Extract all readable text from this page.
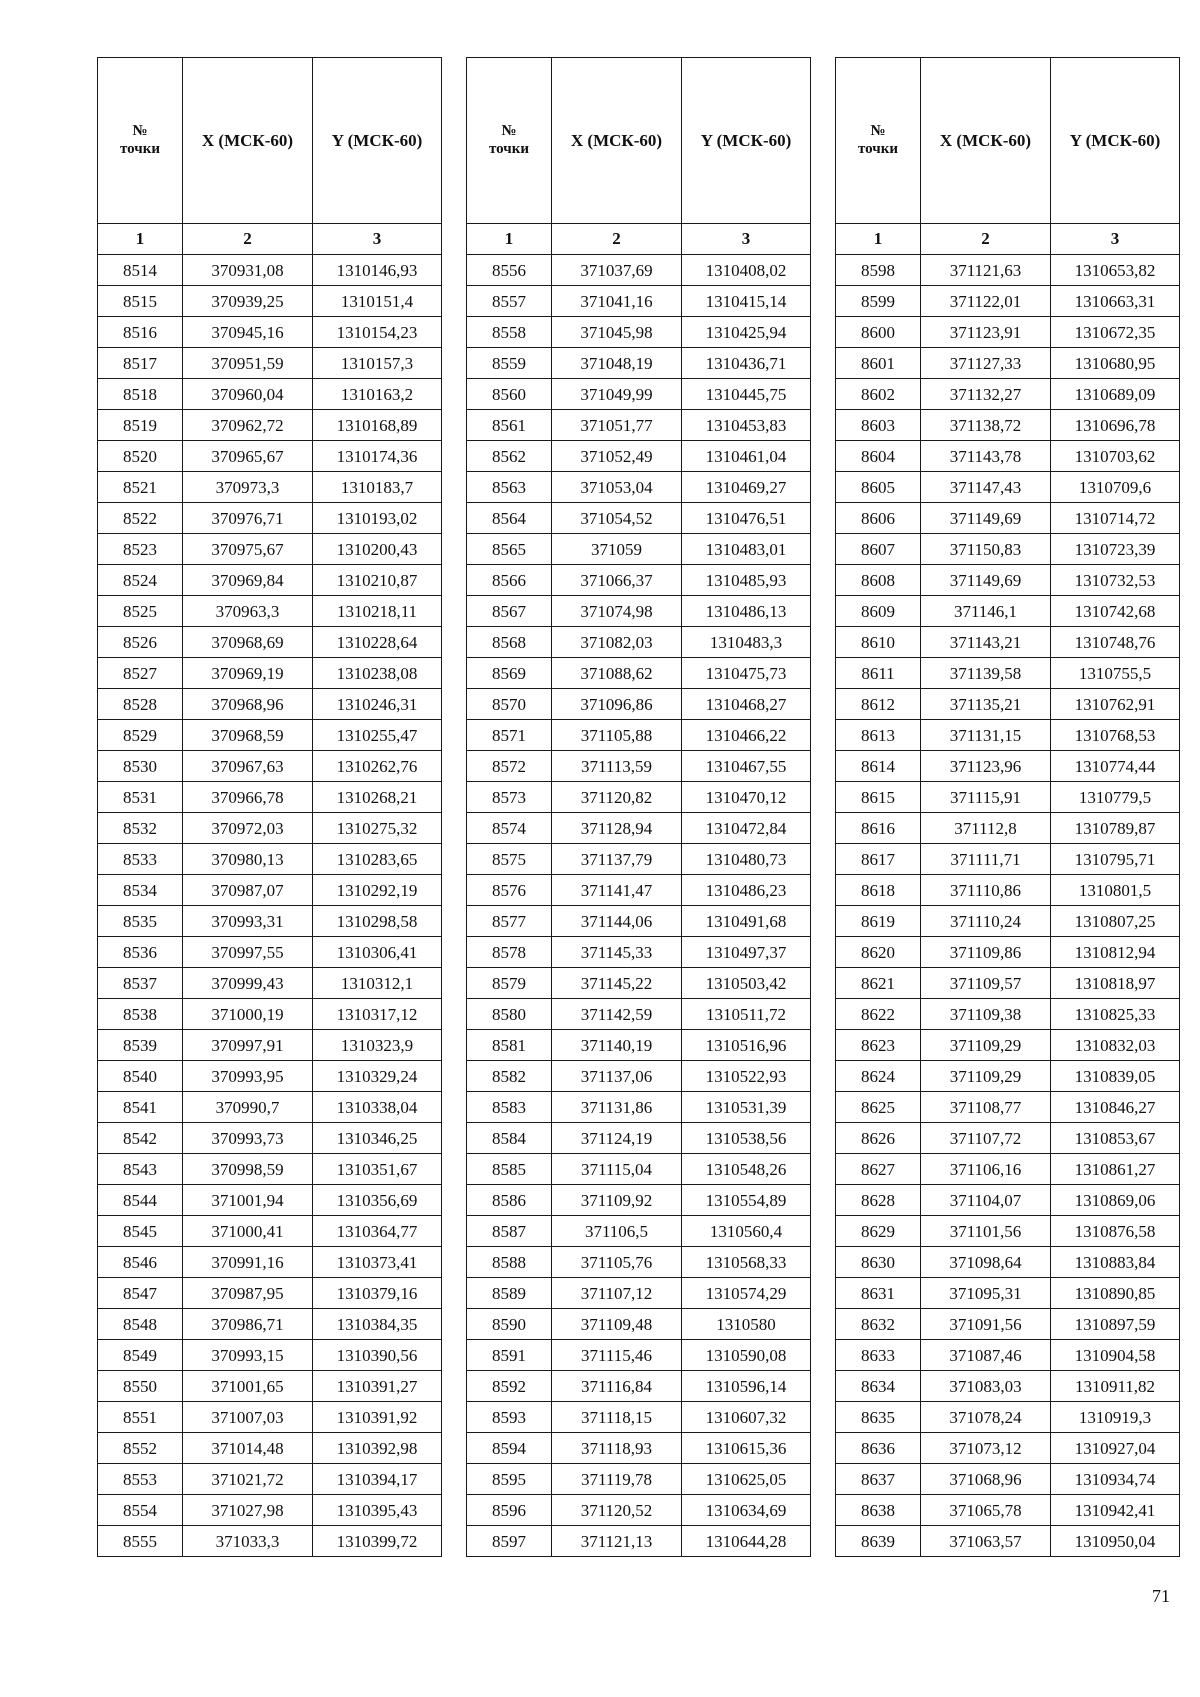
№
точки	X (МСК-60)	Y (МСК-60)
1	2	3
8514	370931,08	1310146,93
8515	370939,25	1310151,4
8516	370945,16	1310154,23
8517	370951,59	1310157,3
8518	370960,04	1310163,2
8519	370962,72	1310168,89
8520	370965,67	1310174,36
8521	370973,3	1310183,7
8522	370976,71	1310193,02
8523	370975,67	1310200,43
8524	370969,84	1310210,87
8525	370963,3	1310218,11
8526	370968,69	1310228,64
8527	370969,19	1310238,08
8528	370968,96	1310246,31
8529	370968,59	1310255,47
8530	370967,63	1310262,76
8531	370966,78	1310268,21
8532	370972,03	1310275,32
8533	370980,13	1310283,65
8534	370987,07	1310292,19
8535	370993,31	1310298,58
8536	370997,55	1310306,41
8537	370999,43	1310312,1
8538	371000,19	1310317,12
8539	370997,91	1310323,9
8540	370993,95	1310329,24
8541	370990,7	1310338,04
8542	370993,73	1310346,25
8543	370998,59	1310351,67
8544	371001,94	1310356,69
8545	371000,41	1310364,77
8546	370991,16	1310373,41
8547	370987,95	1310379,16
8548	370986,71	1310384,35
8549	370993,15	1310390,56
8550	371001,65	1310391,27
8551	371007,03	1310391,92
8552	371014,48	1310392,98
8553	371021,72	1310394,17
8554	371027,98	1310395,43
8555	371033,3	1310399,72
№
точки	X (МСК-60)	Y (МСК-60)
1	2	3
8556	371037,69	1310408,02
8557	371041,16	1310415,14
8558	371045,98	1310425,94
8559	371048,19	1310436,71
8560	371049,99	1310445,75
8561	371051,77	1310453,83
8562	371052,49	1310461,04
8563	371053,04	1310469,27
8564	371054,52	1310476,51
8565	371059	1310483,01
8566	371066,37	1310485,93
8567	371074,98	1310486,13
8568	371082,03	1310483,3
8569	371088,62	1310475,73
8570	371096,86	1310468,27
8571	371105,88	1310466,22
8572	371113,59	1310467,55
8573	371120,82	1310470,12
8574	371128,94	1310472,84
8575	371137,79	1310480,73
8576	371141,47	1310486,23
8577	371144,06	1310491,68
8578	371145,33	1310497,37
8579	371145,22	1310503,42
8580	371142,59	1310511,72
8581	371140,19	1310516,96
8582	371137,06	1310522,93
8583	371131,86	1310531,39
8584	371124,19	1310538,56
8585	371115,04	1310548,26
8586	371109,92	1310554,89
8587	371106,5	1310560,4
8588	371105,76	1310568,33
8589	371107,12	1310574,29
8590	371109,48	1310580
8591	371115,46	1310590,08
8592	371116,84	1310596,14
8593	371118,15	1310607,32
8594	371118,93	1310615,36
8595	371119,78	1310625,05
8596	371120,52	1310634,69
8597	371121,13	1310644,28
№
точки	X (МСК-60)	Y (МСК-60)
1	2	3
8598	371121,63	1310653,82
8599	371122,01	1310663,31
8600	371123,91	1310672,35
8601	371127,33	1310680,95
8602	371132,27	1310689,09
8603	371138,72	1310696,78
8604	371143,78	1310703,62
8605	371147,43	1310709,6
8606	371149,69	1310714,72
8607	371150,83	1310723,39
8608	371149,69	1310732,53
8609	371146,1	1310742,68
8610	371143,21	1310748,76
8611	371139,58	1310755,5
8612	371135,21	1310762,91
8613	371131,15	1310768,53
8614	371123,96	1310774,44
8615	371115,91	1310779,5
8616	371112,8	1310789,87
8617	371111,71	1310795,71
8618	371110,86	1310801,5
8619	371110,24	1310807,25
8620	371109,86	1310812,94
8621	371109,57	1310818,97
8622	371109,38	1310825,33
8623	371109,29	1310832,03
8624	371109,29	1310839,05
8625	371108,77	1310846,27
8626	371107,72	1310853,67
8627	371106,16	1310861,27
8628	371104,07	1310869,06
8629	371101,56	1310876,58
8630	371098,64	1310883,84
8631	371095,31	1310890,85
8632	371091,56	1310897,59
8633	371087,46	1310904,58
8634	371083,03	1310911,82
8635	371078,24	1310919,3
8636	371073,12	1310927,04
8637	371068,96	1310934,74
8638	371065,78	1310942,41
8639	371063,57	1310950,04
71
